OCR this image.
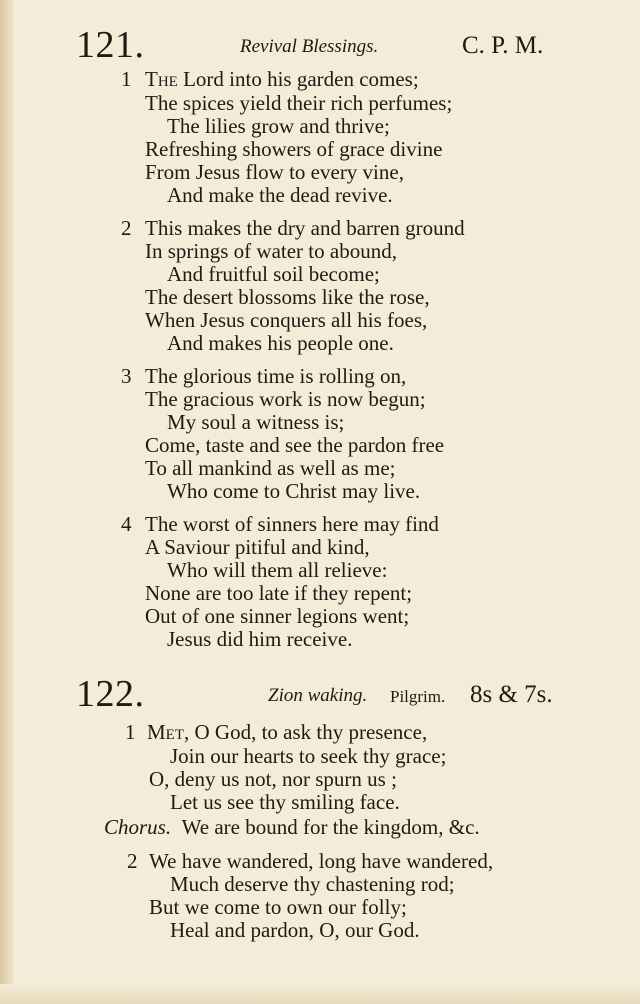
121.	Revival Blessings.	C. P. M.
1 The Lord into his garden comes;
The spices yield their rich perfumes;
The lilies grow and thrive;
Refreshing showers of grace divine
From Jesus flow to every vine,
And make the dead revive.
2 This makes the dry and barren ground
In springs of water to abound,
And fruitful soil become;
The desert blossoms like the rose,
When Jesus conquers all his foes,
And makes his people one.
3 The glorious time is rolling on,
The gracious work is now begun;
My soul a witness is;
Come, taste and see the pardon free
To all mankind as well as me;
Who come to Christ may live.
4 The worst of sinners here may find
A Saviour pitiful and kind,
Who will them all relieve:
None are too late if they repent;
Out of one sinner legions went;
Jesus did him receive.
122.	Zion waking. Pilgrim. 8s & 7s.
1 Met, O God, to ask thy presence,
Join our hearts to seek thy grace;
O, deny us not, nor spurn us ;
Let us see thy smiling face.
Chorus. We are bound for the kingdom, &c.
2 We have wandered, long have wandered,
Much deserve thy chastening rod;
But we come to own our folly;
Heal and pardon, O, our God.
